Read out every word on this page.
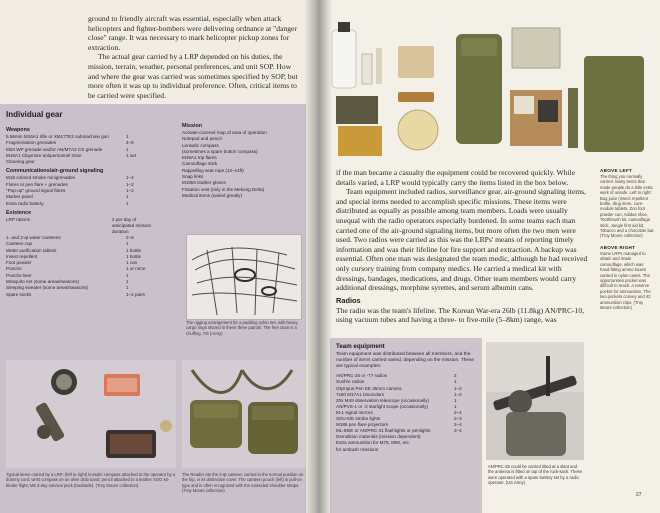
ground to friendly aircraft was essential, especially when attack helicopters and fighter-bombers were delivering ordnance at "danger close" range. It was necessary to mark helicopter pickup zones for extraction.

The actual gear carried by a LRP depended on his duties, the mission, terrain, weather, personal preferences, and unit SOP. How and where the gear was carried was sometimes specified by SOP, but more often it was up to individual preference. Often, critical items to be carried were specified.

Individual gear
Weapons
5.56mm M16A1 rifle or XM177E2 submachine gun	1
Fragmentation grenades	4–6
M34 WP grenade and/or AN/M7A2 CS grenade	1
M18A1 Claymore antipersonnel mine	1 set
Cleaning gear
Communications/air-ground signaling
M18 colored smoke minigrenades	1–4
Flares or pen flare + grenades	1–2
"Pop-up" ground signal flares	1–2
Marker panel	1
Extra radio battery	1
Existence
LRP rations	2 per day of anticipated mission duration
1- and 2-qt water canteens	2–6
Canteen cup	1
Water purification tablets	1 bottle
Insect repellent	1 bottle
Foot powder	1 can
Poncho	1 or none
Poncho liner	1
Mosquito net (some areas/seasons)	1
Sleeping sweater (some areas/seasons)	1
Spare socks	1–2 pairs
Mission
Acetate-covered map of area of operation
Notepad and pencil
Lensatic compass
(sometimes a spare button compass)
M49A1 trip flares
Camouflage stick
Rappelling seat rope (12–14ft)
Snap links
M1950 leather gloves
Flotation vest (only in the Mekong Delta)
Medical items (varied greatly)
The rigging arrangement for a padding nylon net, with heavy cargo rings shared in these three patrols. The free chair is a chuffing. 7/6 (Army)
Typical items carried by a LRP: (left to right) lensatic compass attached to the operator by a dummy cord; wrist compass on an olive drab band; pencil attached to a leather SOG kit-binder flight; M6 3-day survival pack (backside). (Troy Moore collection)
The Reader ate the 2-qt canteen carried in the normal position on the hip, in its distinctive cover. The canteen pouch (left) is pull-on type and is often recognized with the extended shoulder straps. (Troy Moore collection)
ABOVE LEFT
The thing you normally carried. Many items that made people do a little extra work of unsafe. Left to right: Bug juice (insect repellent bottle, drug store, cure-module tablets, Zoo foot powder can, Adidas shoe, Toothbrush kit, camouflage stick, Jungle first aid kit, Tobacco and a chocolate bar. (Troy Moore collection)
ABOVE RIGHT
Some LRPs managed to obtain and retain camouflage, which was hand-fitting ammo boxes carried in nylon cases. The opportunities pocket was difficult to reach. A reserve pocket for ammunition. The two pockets convey and 42 ammunition clips. (Troy Moore collection)

if the man became a casualty the equipment could be recovered quickly. While details varied, a LRP would typically carry the items listed in the box below.

Team equipment included radios, surveillance gear, air-ground signaling items, and special items needed to accomplish specific missions. These items were distributed as equally as possible among team members. Loads were usually unequal with the radio operators especially burdened. In some teams each man carried one of the air-ground signaling items, but more often the two men were used. Two radios were carried as this was the LRPs' means of reporting timely information and was their lifeline for fire support and extraction. A backup was essential. Often one man was designated the team medic, although he had received only cursory training from company medics. He carried a medical kit with dressings, bandages, medications, and drugs. Other team members would carry additional dressings, morphine syrettes, and serum albumin cans.

Radios

The radio was the team's lifeline. The Korean War-era 26lb (11.8kg) AN/PRC-10, using vacuum tubes and having a three- to five-mile (5–8km) range, was

Team equipment
Team equipment was distributed between all members, and the number of items carried varied, depending on the mission. These are typical examples:
AN/PRC-25 or -77 radios	2
Sunfire radios	1
Olympus Pen EE 35mm camera	1–2
7x50 M17A1 binoculars	1–2
20x M49 observation telescope (occasionally)	1
AN/PVS-1 or -2 starlight scope (occasionally)	1
M-1 signal mirrors	2–4
SDU-5/E strobe lights	2–3
M186 pen flare projectors	2–4
ML-59/E or AN/PRC-41 flashlights or penlights	2–4
Demolition materials (mission dependent)
Extra ammunition for M79, M60, etc.
for ambush missions
AN/PRC-25 could be carried tilted at a slant and the antenna is fitted on top of the ruck-sack. These were operated with a spare battery set by a radio operator. (US Army)
27
